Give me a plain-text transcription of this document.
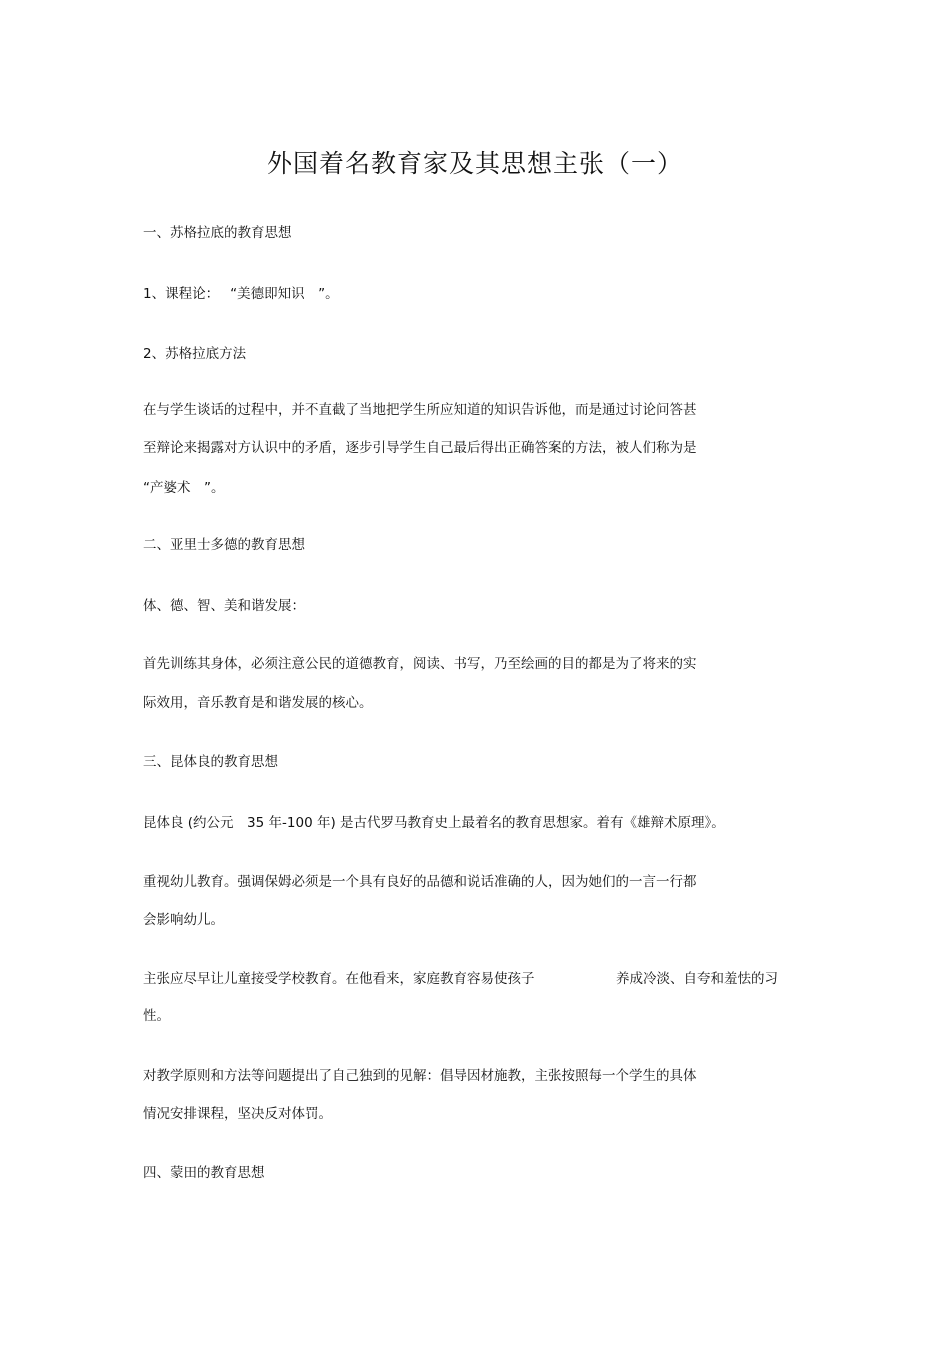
外国着名教育家及其思想主张（一）
一、苏格拉底的教育思想
1、课程论：　 “美德即知识　”。
2、苏格拉底方法
在与学生谈话的过程中，并不直截了当地把学生所应知道的知识告诉他，而是通过讨论问答甚
至辩论来揭露对方认识中的矛盾，逐步引导学生自己最后得出正确答案的方法，被人们称为是
“产婆术　”。
二、亚里士多德的教育思想
体、德、智、美和谐发展：
首先训练其身体，必须注意公民的道德教育，阅读、书写，乃至绘画的目的都是为了将来的实
际效用，音乐教育是和谐发展的核心。
三、昆体良的教育思想
昆体良 (约公元　35 年-100 年) 是古代罗马教育史上最着名的教育思想家。着有《雄辩术原理》。
重视幼儿教育。强调保姆必须是一个具有良好的品德和说话准确的人，因为她们的一言一行都
会影响幼儿。
主张应尽早让儿童接受学校教育。在他看来，家庭教育容易使孩子	养成冷淡、自夸和羞怯的习
性。
对教学原则和方法等问题提出了自己独到的见解：倡导因材施教，主张按照每一个学生的具体
情况安排课程，坚决反对体罚。
四、蒙田的教育思想
